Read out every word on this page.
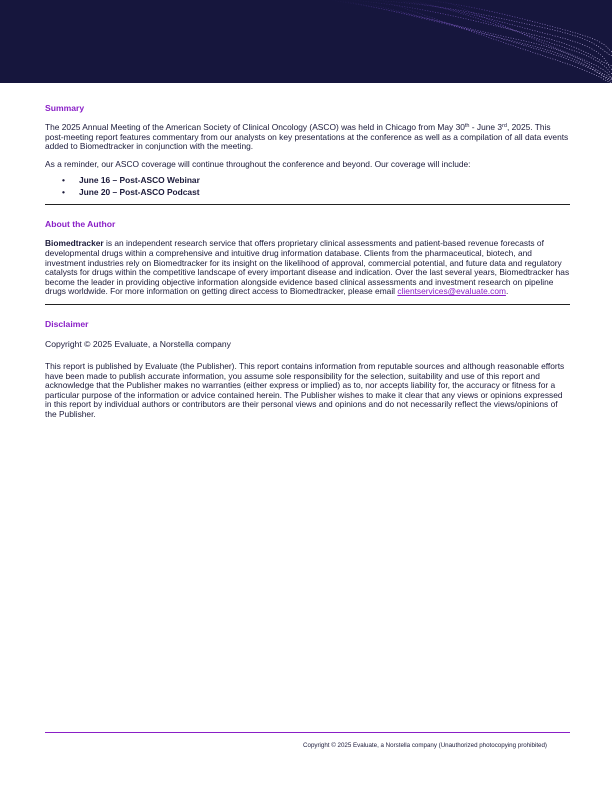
Summary

The 2025 Annual Meeting of the American Society of Clinical Oncology (ASCO) was held in Chicago from May 30th - June 3rd, 2025. This post-meeting report features commentary from our analysts on key presentations at the conference as well as a compilation of all data events added to Biomedtracker in conjunction with the meeting.

As a reminder, our ASCO coverage will continue throughout the conference and beyond. Our coverage will include:

• June 16 – Post-ASCO Webinar
• June 20 – Post-ASCO Podcast
About the Author

Biomedtracker is an independent research service that offers proprietary clinical assessments and patient-based revenue forecasts of developmental drugs within a comprehensive and intuitive drug information database. Clients from the pharmaceutical, biotech, and investment industries rely on Biomedtracker for its insight on the likelihood of approval, commercial potential, and future data and regulatory catalysts for drugs within the competitive landscape of every important disease and indication. Over the last several years, Biomedtracker has become the leader in providing objective information alongside evidence based clinical assessments and investment research on pipeline drugs worldwide. For more information on getting direct access to Biomedtracker, please email clientservices@evaluate.com.

Disclaimer
Copyright © 2025 Evaluate, a Norstella company

This report is published by Evaluate (the Publisher). This report contains information from reputable sources and although reasonable efforts have been made to publish accurate information, you assume sole responsibility for the selection, suitability and use of this report and acknowledge that the Publisher makes no warranties (either express or implied) as to, nor accepts liability for, the accuracy or fitness for a particular purpose of the information or advice contained herein. The Publisher wishes to make it clear that any views or opinions expressed in this report by individual authors or contributors are their personal views and opinions and do not necessarily reflect the views/opinions of the Publisher.

Copyright © 2025 Evaluate, a Norstella company (Unauthorized photocopying prohibited)
